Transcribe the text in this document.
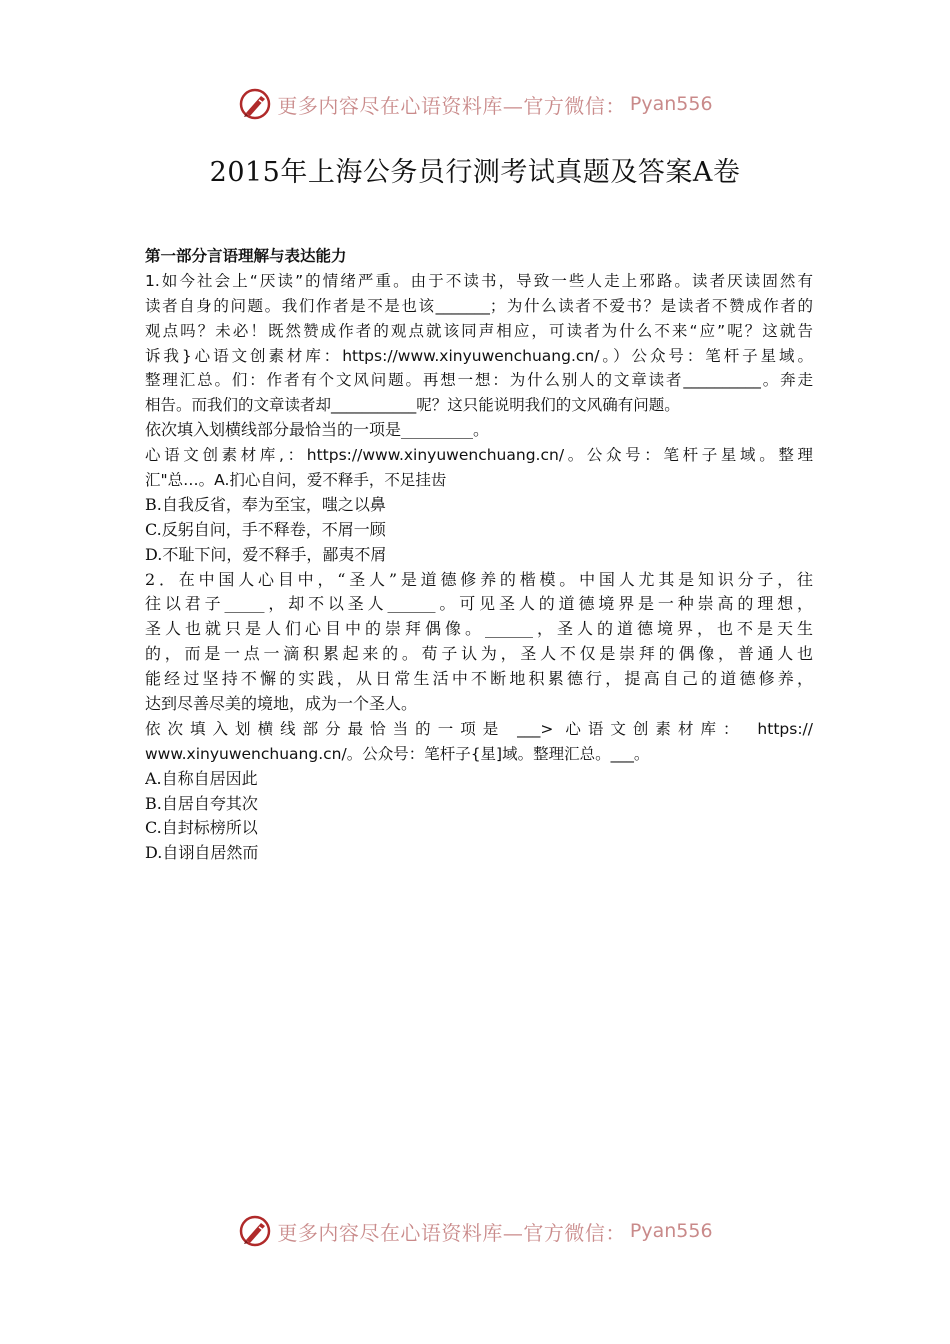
更多内容尽在心语资料库—官方微信： Pyan556
2015年上海公务员行测考试真题及答案A卷
第一部分言语理解与表达能力
1.如今社会上“厌读”的情绪严重。由于不读书，导致一些人走上邪路。读者厌读固然有
读者自身的问题。我们作者是不是也该_______；为什么读者不爱书？是读者不赞成作者的
观点吗？未必！既然赞成作者的观点就该同声相应，可读者为什么不来“应”呢？这就告
诉我}心语文创素材库：https://www.xinyuwenchuang.cn/。）公众号：笔杆子星域。
整理汇总。们：作者有个文风问题。再想一想：为什么别人的文章读者__________。奔走
相告。而我们的文章读者却___________呢？这只能说明我们的文风确有问题。
依次填入划横线部分最恰当的一项是_________。
心语文创素材库,：https://www.xinyuwenchuang.cn/。公众号：笔杆子星域。整理
汇"总…。A.扪心自问，爱不释手，不足挂齿
B.自我反省，奉为至宝，嗤之以鼻
C.反躬自问，手不释卷，不屑一顾
D.不耻下问，爱不释手，鄙夷不屑
2．在中国人心目中，“圣人”是道德修养的楷模。中国人尤其是知识分子，往
往以君子_____，却不以圣人______。可见圣人的道德境界是一种崇高的理想，
圣人也就只是人们心目中的崇拜偶像。______，圣人的道德境界，也不是天生
的，而是一点一滴积累起来的。荀子认为，圣人不仅是崇拜的偶像，普通人也
能经过坚持不懈的实践，从日常生活中不断地积累德行，提高自己的道德修养，
达到尽善尽美的境地，成为一个圣人。
依次填入划横线部分最恰当的一项是 ___> 心语文创素材库： https://
www.xinyuwenchuang.cn/。公众号：笔杆子{星]域。整理汇总。___。
A.自称自居因此
B.自居自夸其次
C.自封标榜所以
D.自诩自居然而
更多内容尽在心语资料库—官方微信： Pyan556
